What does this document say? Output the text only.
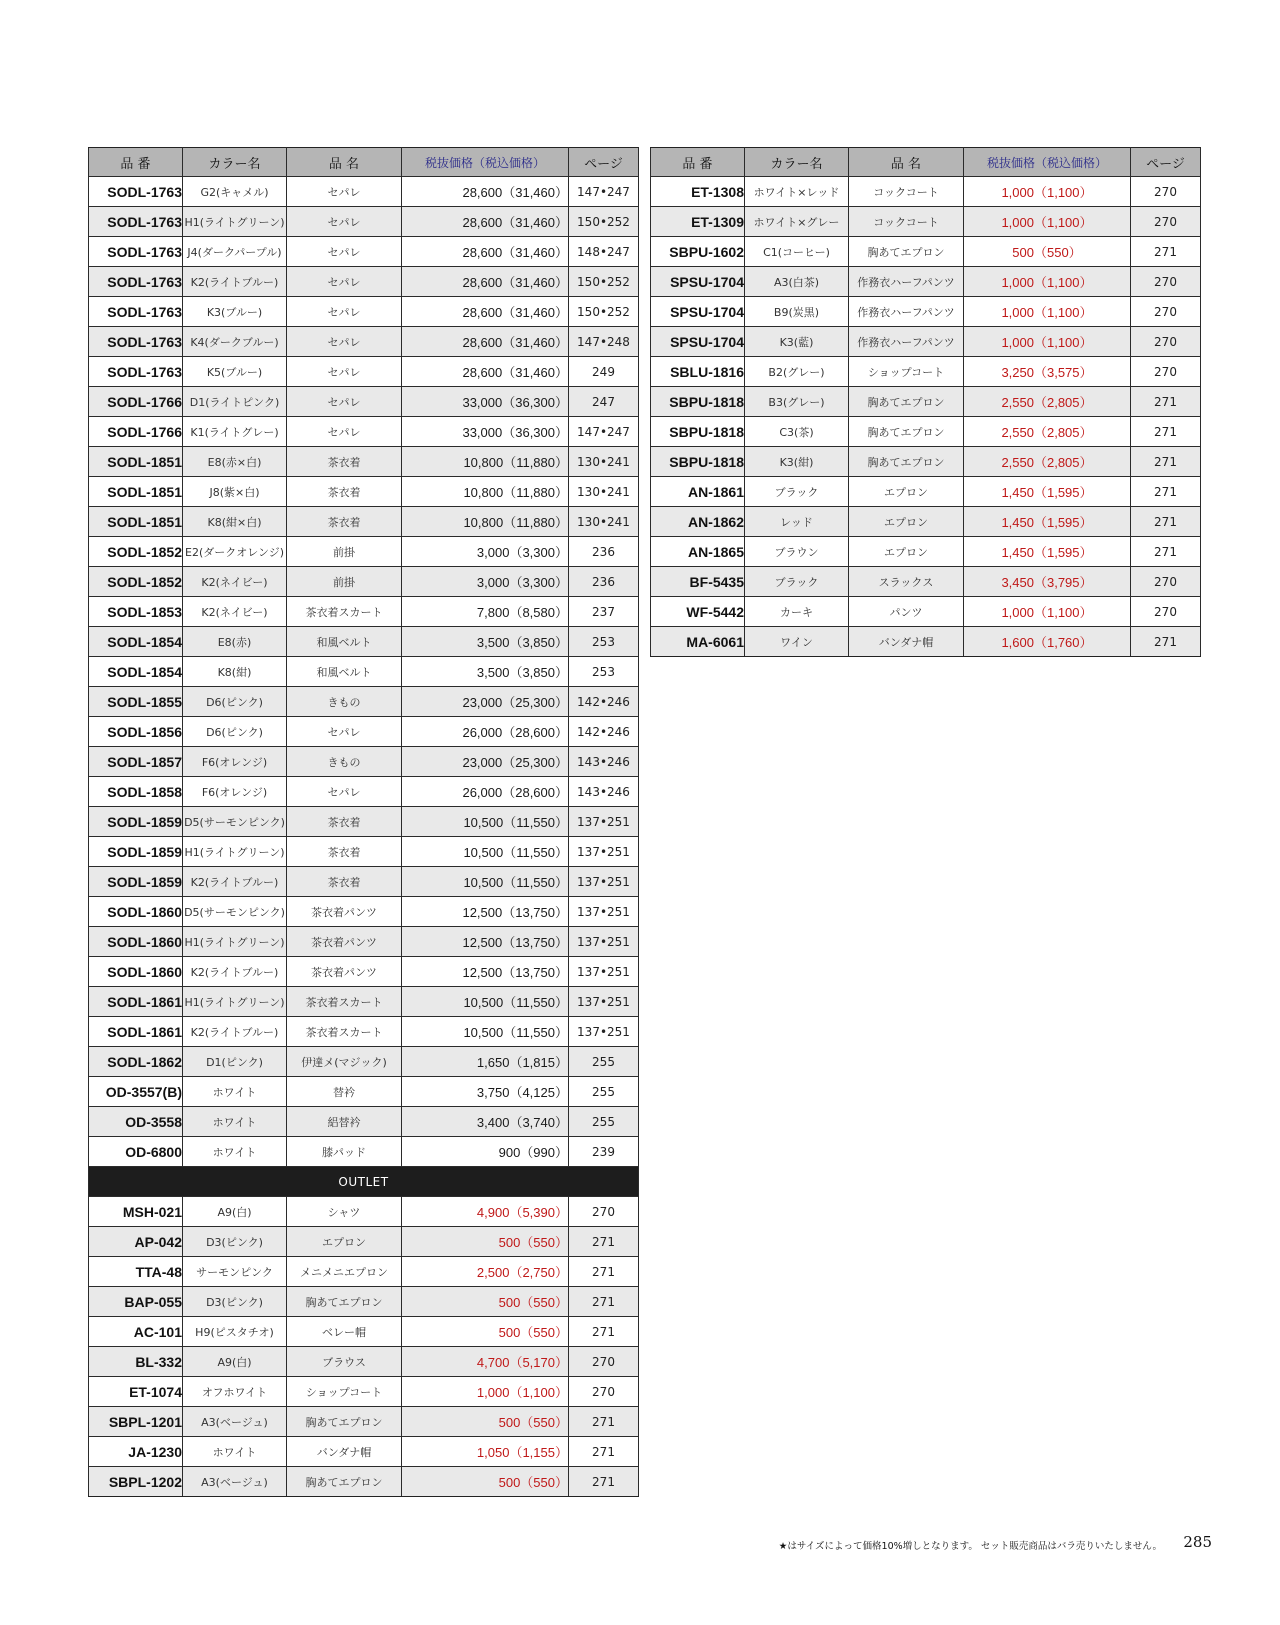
品 番	カラー名	品 名	税抜価格（税込価格）	ページ
SODL-1763	G2(キャメル)	セパレ	28,600（31,460）	147•247
SODL-1763	H1(ライトグリーン)	セパレ	28,600（31,460）	150•252
SODL-1763	J4(ダークパープル)	セパレ	28,600（31,460）	148•247
SODL-1763	K2(ライトブルー)	セパレ	28,600（31,460）	150•252
SODL-1763	K3(ブルー)	セパレ	28,600（31,460）	150•252
SODL-1763	K4(ダークブルー)	セパレ	28,600（31,460）	147•248
SODL-1763	K5(ブルー)	セパレ	28,600（31,460）	249
SODL-1766	D1(ライトピンク)	セパレ	33,000（36,300）	247
SODL-1766	K1(ライトグレー)	セパレ	33,000（36,300）	147•247
SODL-1851	E8(赤×白)	茶衣着	10,800（11,880）	130•241
SODL-1851	J8(紫×白)	茶衣着	10,800（11,880）	130•241
SODL-1851	K8(紺×白)	茶衣着	10,800（11,880）	130•241
SODL-1852	E2(ダークオレンジ)	前掛	3,000（3,300）	236
SODL-1852	K2(ネイビー)	前掛	3,000（3,300）	236
SODL-1853	K2(ネイビー)	茶衣着スカート	7,800（8,580）	237
SODL-1854	E8(赤)	和風ベルト	3,500（3,850）	253
SODL-1854	K8(紺)	和風ベルト	3,500（3,850）	253
SODL-1855	D6(ピンク)	きもの	23,000（25,300）	142•246
SODL-1856	D6(ピンク)	セパレ	26,000（28,600）	142•246
SODL-1857	F6(オレンジ)	きもの	23,000（25,300）	143•246
SODL-1858	F6(オレンジ)	セパレ	26,000（28,600）	143•246
SODL-1859	D5(サーモンピンク)	茶衣着	10,500（11,550）	137•251
SODL-1859	H1(ライトグリーン)	茶衣着	10,500（11,550）	137•251
SODL-1859	K2(ライトブルー)	茶衣着	10,500（11,550）	137•251
SODL-1860	D5(サーモンピンク)	茶衣着パンツ	12,500（13,750）	137•251
SODL-1860	H1(ライトグリーン)	茶衣着パンツ	12,500（13,750）	137•251
SODL-1860	K2(ライトブルー)	茶衣着パンツ	12,500（13,750）	137•251
SODL-1861	H1(ライトグリーン)	茶衣着スカート	10,500（11,550）	137•251
SODL-1861	K2(ライトブルー)	茶衣着スカート	10,500（11,550）	137•251
SODL-1862	D1(ピンク)	伊達メ(マジック)	1,650（1,815）	255
OD-3557(B)	ホワイト	替衿	3,750（4,125）	255
OD-3558	ホワイト	絽替衿	3,400（3,740）	255
OD-6800	ホワイト	膝パッド	900（990）	239
OUTLET				
MSH-021	A9(白)	シャツ	4,900（5,390）	270
AP-042	D3(ピンク)	エプロン	500（550）	271
TTA-48	サーモンピンク	メニメニエプロン	2,500（2,750）	271
BAP-055	D3(ピンク)	胸あてエプロン	500（550）	271
AC-101	H9(ピスタチオ)	ベレー帽	500（550）	271
BL-332	A9(白)	ブラウス	4,700（5,170）	270
ET-1074	オフホワイト	ショップコート	1,000（1,100）	270
SBPL-1201	A3(ベージュ)	胸あてエプロン	500（550）	271
JA-1230	ホワイト	バンダナ帽	1,050（1,155）	271
SBPL-1202	A3(ベージュ)	胸あてエプロン	500（550）	271
品 番	カラー名	品 名	税抜価格（税込価格）	ページ
ET-1308	ホワイト×レッド	コックコート	1,000（1,100）	270
ET-1309	ホワイト×グレー	コックコート	1,000（1,100）	270
SBPU-1602	C1(コーヒー)	胸あてエプロン	500（550）	271
SPSU-1704	A3(白茶)	作務衣ハーフパンツ	1,000（1,100）	270
SPSU-1704	B9(炭黒)	作務衣ハーフパンツ	1,000（1,100）	270
SPSU-1704	K3(藍)	作務衣ハーフパンツ	1,000（1,100）	270
SBLU-1816	B2(グレー)	ショップコート	3,250（3,575）	270
SBPU-1818	B3(グレー)	胸あてエプロン	2,550（2,805）	271
SBPU-1818	C3(茶)	胸あてエプロン	2,550（2,805）	271
SBPU-1818	K3(紺)	胸あてエプロン	2,550（2,805）	271
AN-1861	ブラック	エプロン	1,450（1,595）	271
AN-1862	レッド	エプロン	1,450（1,595）	271
AN-1865	ブラウン	エプロン	1,450（1,595）	271
BF-5435	ブラック	スラックス	3,450（3,795）	270
WF-5442	カーキ	パンツ	1,000（1,100）	270
MA-6061	ワイン	バンダナ帽	1,600（1,760）	271
★はサイズによって価格10%増しとなります。 セット販売商品はバラ売りいたしません。 285
